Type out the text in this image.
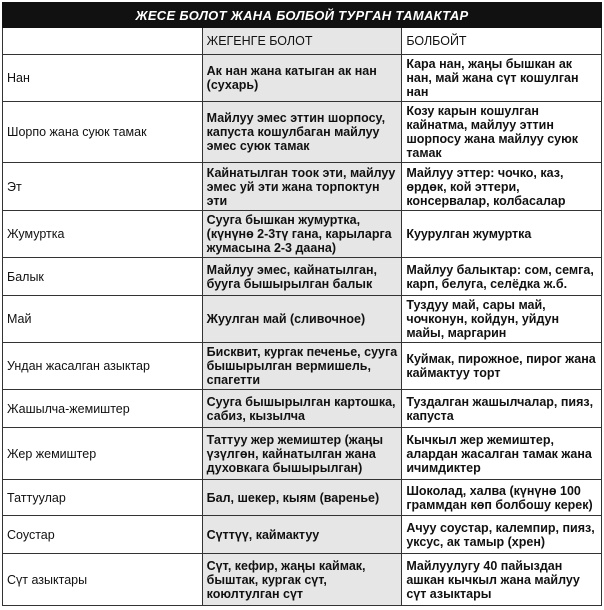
ЖЕСЕ БОЛОТ ЖАНА БОЛБОЙ ТУРГАН ТАМАКТАР		
	ЖЕГЕНГЕ БОЛОТ	БОЛБОЙТ
Нан	Ак нан жана катыган ак нан (сухарь)	Кара нан, жаңы бышкан ак нан, май жана сүт кошулган нан
Шорпо жана суюк тамак	Майлуу эмес эттин шорпосу, капуста кошулбаган майлуу эмес суюк тамак	Козу карын кошулган кайнатма, майлуу эттин шорпосу жана майлуу суюк тамак
Эт	Кайнатылган тоок эти, майлуу эмес уй эти жана торпоктун эти	Майлуу эттер: чочко, каз, өрдөк, кой эттери, консервалар, колбасалар
Жумуртка	Сууга бышкан жумуртка, (күнүнө 2-3тү гана, карыларга жумасына 2-3 даана)	Куурулган жумуртка
Балык	Майлуу эмес, кайнатылган, бууга бышырылган балык	Майлуу балыктар: сом, семга, карп, белуга, селёдка ж.б.
Май	Жуулган май (сливочное)	Туздуу май, сары май, чочконун, койдун, уйдун майы, маргарин
Ундан жасалган азыктар	Бисквит, кургак печенье, сууга бышырылган вермишель, спагетти	Куймак, пирожное, пирог жана каймактуу торт
Жашылча-жемиштер	Сууга бышырылган картошка, сабиз, кызылча	Туздалган жашылчалар, пияз, капуста
Жер жемиштер	Таттуу жер жемиштер (жаңы үзүлгөн, кайнатылган жана духовкага бышырылган)	Кычкыл жер жемиштер, алардан жасалган тамак жана ичимдиктер
Таттуулар	Бал, шекер, кыям (варенье)	Шоколад, халва (күнүнө 100 граммдан көп болбошу керек)
Соустар	Сүттүү, каймактуу	Ачуу соустар, калемпир, пияз, уксус, ак тамыр (хрен)
Сүт азыктары	Сүт, кефир, жаңы каймак, быштак, кургак сүт, коюлтулган сүт	Майлуулугу 40 пайыздан ашкан кычкыл жана майлуу сүт азыктары
